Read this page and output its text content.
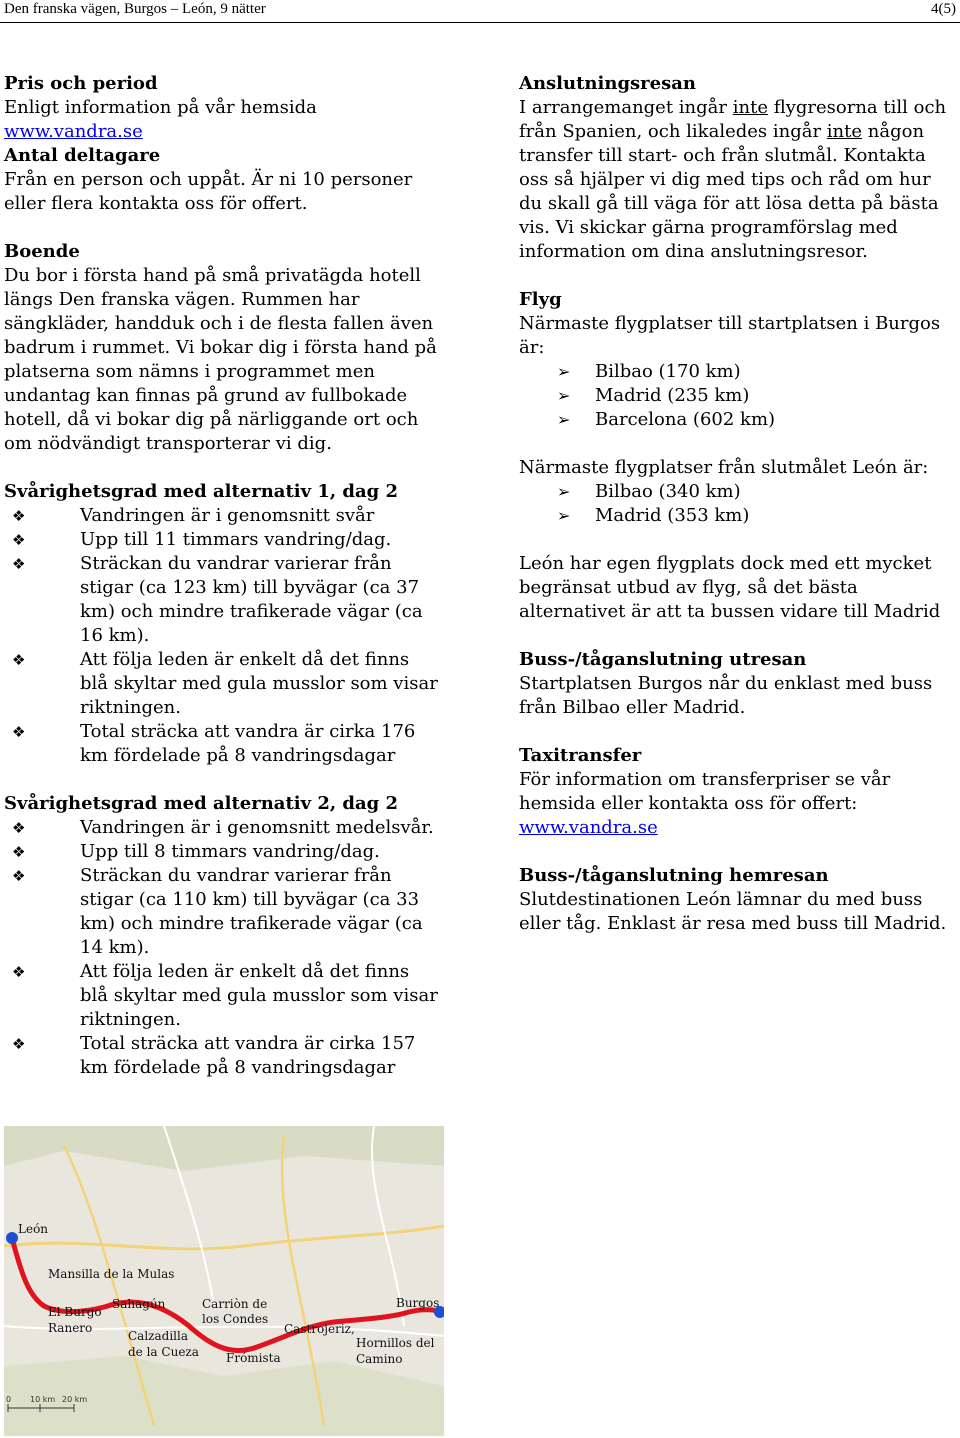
Den franska vägen, Burgos – León, 9 nätter	4(5)

Pris och period

Enligt information på vår hemsida

www.vandra.se

Antal deltagare

Från en person och uppåt. Är ni 10 personer

eller flera kontakta oss för offert.

Boende

Du bor i första hand på små privatägda hotell

längs Den franska vägen. Rummen har

sängkläder, handduk och i de flesta fallen även

badrum i rummet. Vi bokar dig i första hand på

platserna som nämns i programmet men

undantag kan finnas på grund av fullbokade

hotell, då vi bokar dig på närliggande ort och

om nödvändigt transporterar vi dig.

Svårighetsgrad med alternativ 1, dag 2

❖	Vandringen är i genomsnitt svår
❖	Upp till 11 timmars vandring/dag.
❖	Sträckan du vandrar varierar från
stigar (ca 123 km) till byvägar (ca 37
km) och mindre trafikerade vägar (ca
16 km).
❖	Att följa leden är enkelt då det finns
blå skyltar med gula musslor som visar
riktningen.
❖	Total sträcka att vandra är cirka 176
km fördelade på 8 vandringsdagar

Svårighetsgrad med alternativ 2, dag 2

❖	Vandringen är i genomsnitt medelsvår.
❖	Upp till 8 timmars vandring/dag.
❖	Sträckan du vandrar varierar från
stigar (ca 110 km) till byvägar (ca 33
km) och mindre trafikerade vägar (ca
14 km).
❖	Att följa leden är enkelt då det finns
blå skyltar med gula musslor som visar
riktningen.
❖	Total sträcka att vandra är cirka 157
km fördelade på 8 vandringsdagar

Anslutningsresan

I arrangemanget ingår inte flygresorna till och

från Spanien, och likaledes ingår inte någon

transfer till start- och från slutmål. Kontakta

oss så hjälper vi dig med tips och råd om hur

du skall gå till väga för att lösa detta på bästa

vis. Vi skickar gärna programförslag med

information om dina anslutningsresor.

Flyg

Närmaste flygplatser till startplatsen i Burgos

är:

➢ Bilbao (170 km)
➢ Madrid (235 km)
➢ Barcelona (602 km)

Närmaste flygplatser från slutmålet León är:

➢ Bilbao (340 km)
➢ Madrid (353 km)

León har egen flygplats dock med ett mycket

begränsat utbud av flyg, så det bästa

alternativet är att ta bussen vidare till Madrid

Buss-/tåganslutning utresan

Startplatsen Burgos når du enklast med buss

från Bilbao eller Madrid.

Taxitransfer

För information om transferpriser se vår

hemsida eller kontakta oss för offert:

www.vandra.se

Buss-/tåganslutning hemresan

Slutdestinationen León lämnar du med buss

eller tåg. Enklast är resa med buss till Madrid.

León
Mansilla de la Mulas
El Burgo
Ranero
Sahagún	Carriòn de
los Condes
Calzadilla
de la Cueza Frómista
Castrojeriz,
Hornillos del
Camino
Burgos
0 10 km 20 km
